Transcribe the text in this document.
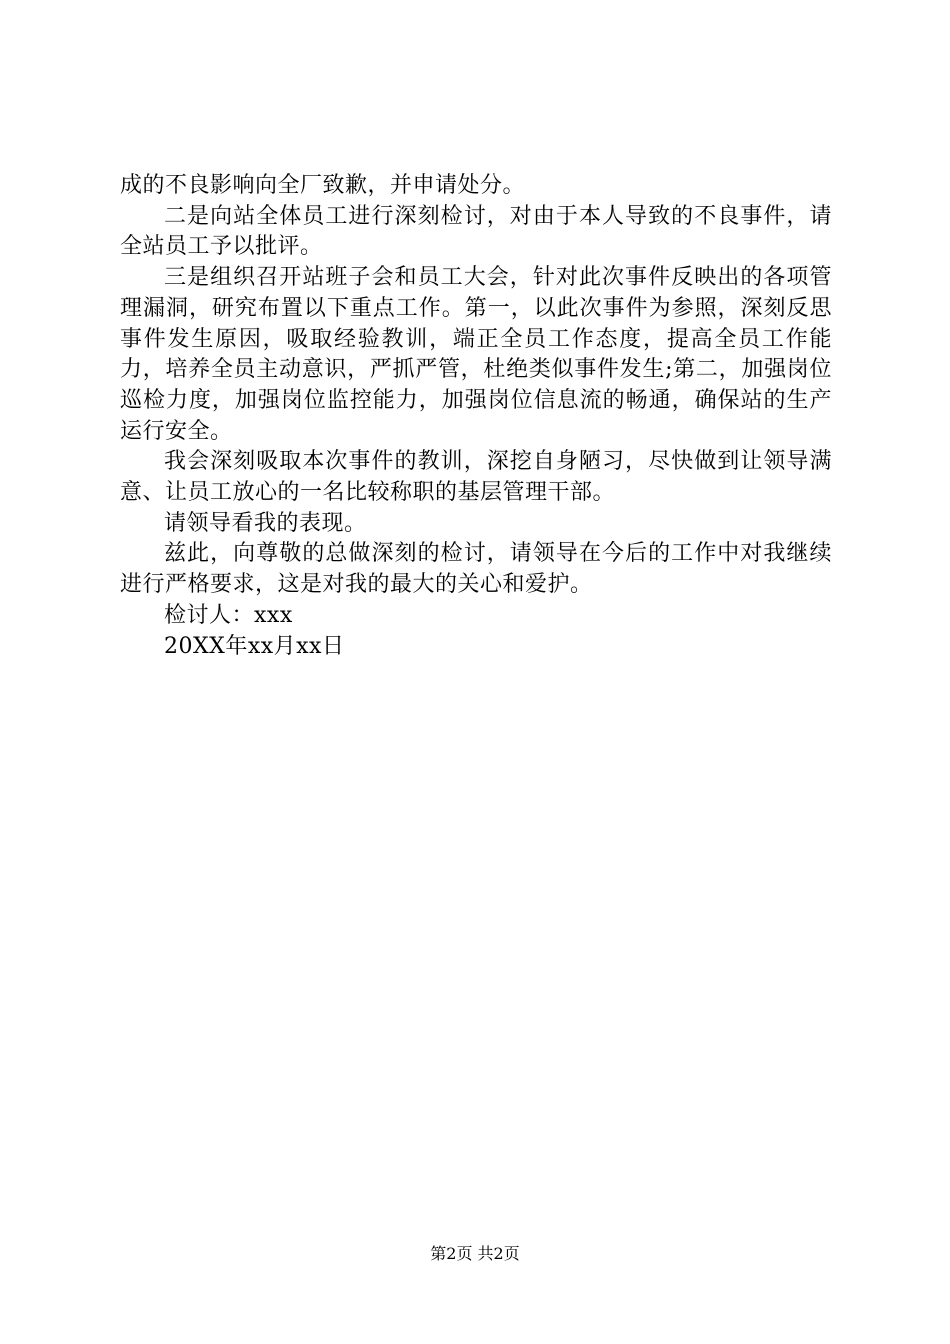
成的不良影响向全厂致歉，并申请处分。

二是向站全体员工进行深刻检讨，对由于本人导致的不良事件，请全站员工予以批评。

三是组织召开站班子会和员工大会，针对此次事件反映出的各项管理漏洞，研究布置以下重点工作。第一，以此次事件为参照，深刻反思事件发生原因，吸取经验教训，端正全员工作态度，提高全员工作能力，培养全员主动意识，严抓严管，杜绝类似事件发生;第二，加强岗位巡检力度，加强岗位监控能力，加强岗位信息流的畅通，确保站的生产运行安全。

我会深刻吸取本次事件的教训，深挖自身陋习，尽快做到让领导满意、让员工放心的一名比较称职的基层管理干部。

请领导看我的表现。

兹此，向尊敬的总做深刻的检讨，请领导在今后的工作中对我继续进行严格要求，这是对我的最大的关心和爱护。

检讨人：xxx

20XX年xx月xx日

第2页 共2页
